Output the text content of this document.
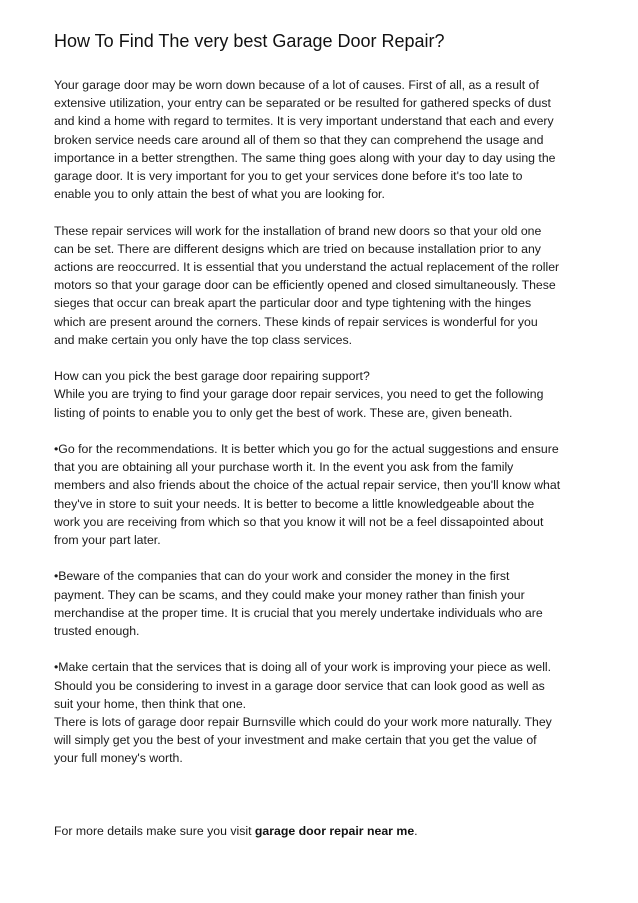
How To Find The very best Garage Door Repair?

Your garage door may be worn down because of a lot of causes. First of all, as a result of
extensive utilization, your entry can be separated or be resulted for gathered specks of dust
and kind a home with regard to termites. It is very important understand that each and every
broken service needs care around all of them so that they can comprehend the usage and
importance in a better strengthen. The same thing goes along with your day to day using the
garage door. It is very important for you to get your services done before it's too late to
enable you to only attain the best of what you are looking for.

These repair services will work for the installation of brand new doors so that your old one
can be set. There are different designs which are tried on because installation prior to any
actions are reoccurred. It is essential that you understand the actual replacement of the roller
motors so that your garage door can be efficiently opened and closed simultaneously. These
sieges that occur can break apart the particular door and type tightening with the hinges
which are present around the corners. These kinds of repair services is wonderful for you
and make certain you only have the top class services.

How can you pick the best garage door repairing support?
While you are trying to find your garage door repair services, you need to get the following
listing of points to enable you to only get the best of work. These are, given beneath.

•Go for the recommendations. It is better which you go for the actual suggestions and ensure
that you are obtaining all your purchase worth it. In the event you ask from the family
members and also friends about the choice of the actual repair service, then you'll know what
they've in store to suit your needs. It is better to become a little knowledgeable about the
work you are receiving from which so that you know it will not be a feel dissapointed about
from your part later.

•Beware of the companies that can do your work and consider the money in the first
payment. They can be scams, and they could make your money rather than finish your
merchandise at the proper time. It is crucial that you merely undertake individuals who are
trusted enough.

•Make certain that the services that is doing all of your work is improving your piece as well.
Should you be considering to invest in a garage door service that can look good as well as
suit your home, then think that one.
There is lots of garage door repair Burnsville which could do your work more naturally. They
will simply get you the best of your investment and make certain that you get the value of
your full money's worth.

For more details make sure you visit garage door repair near me.
